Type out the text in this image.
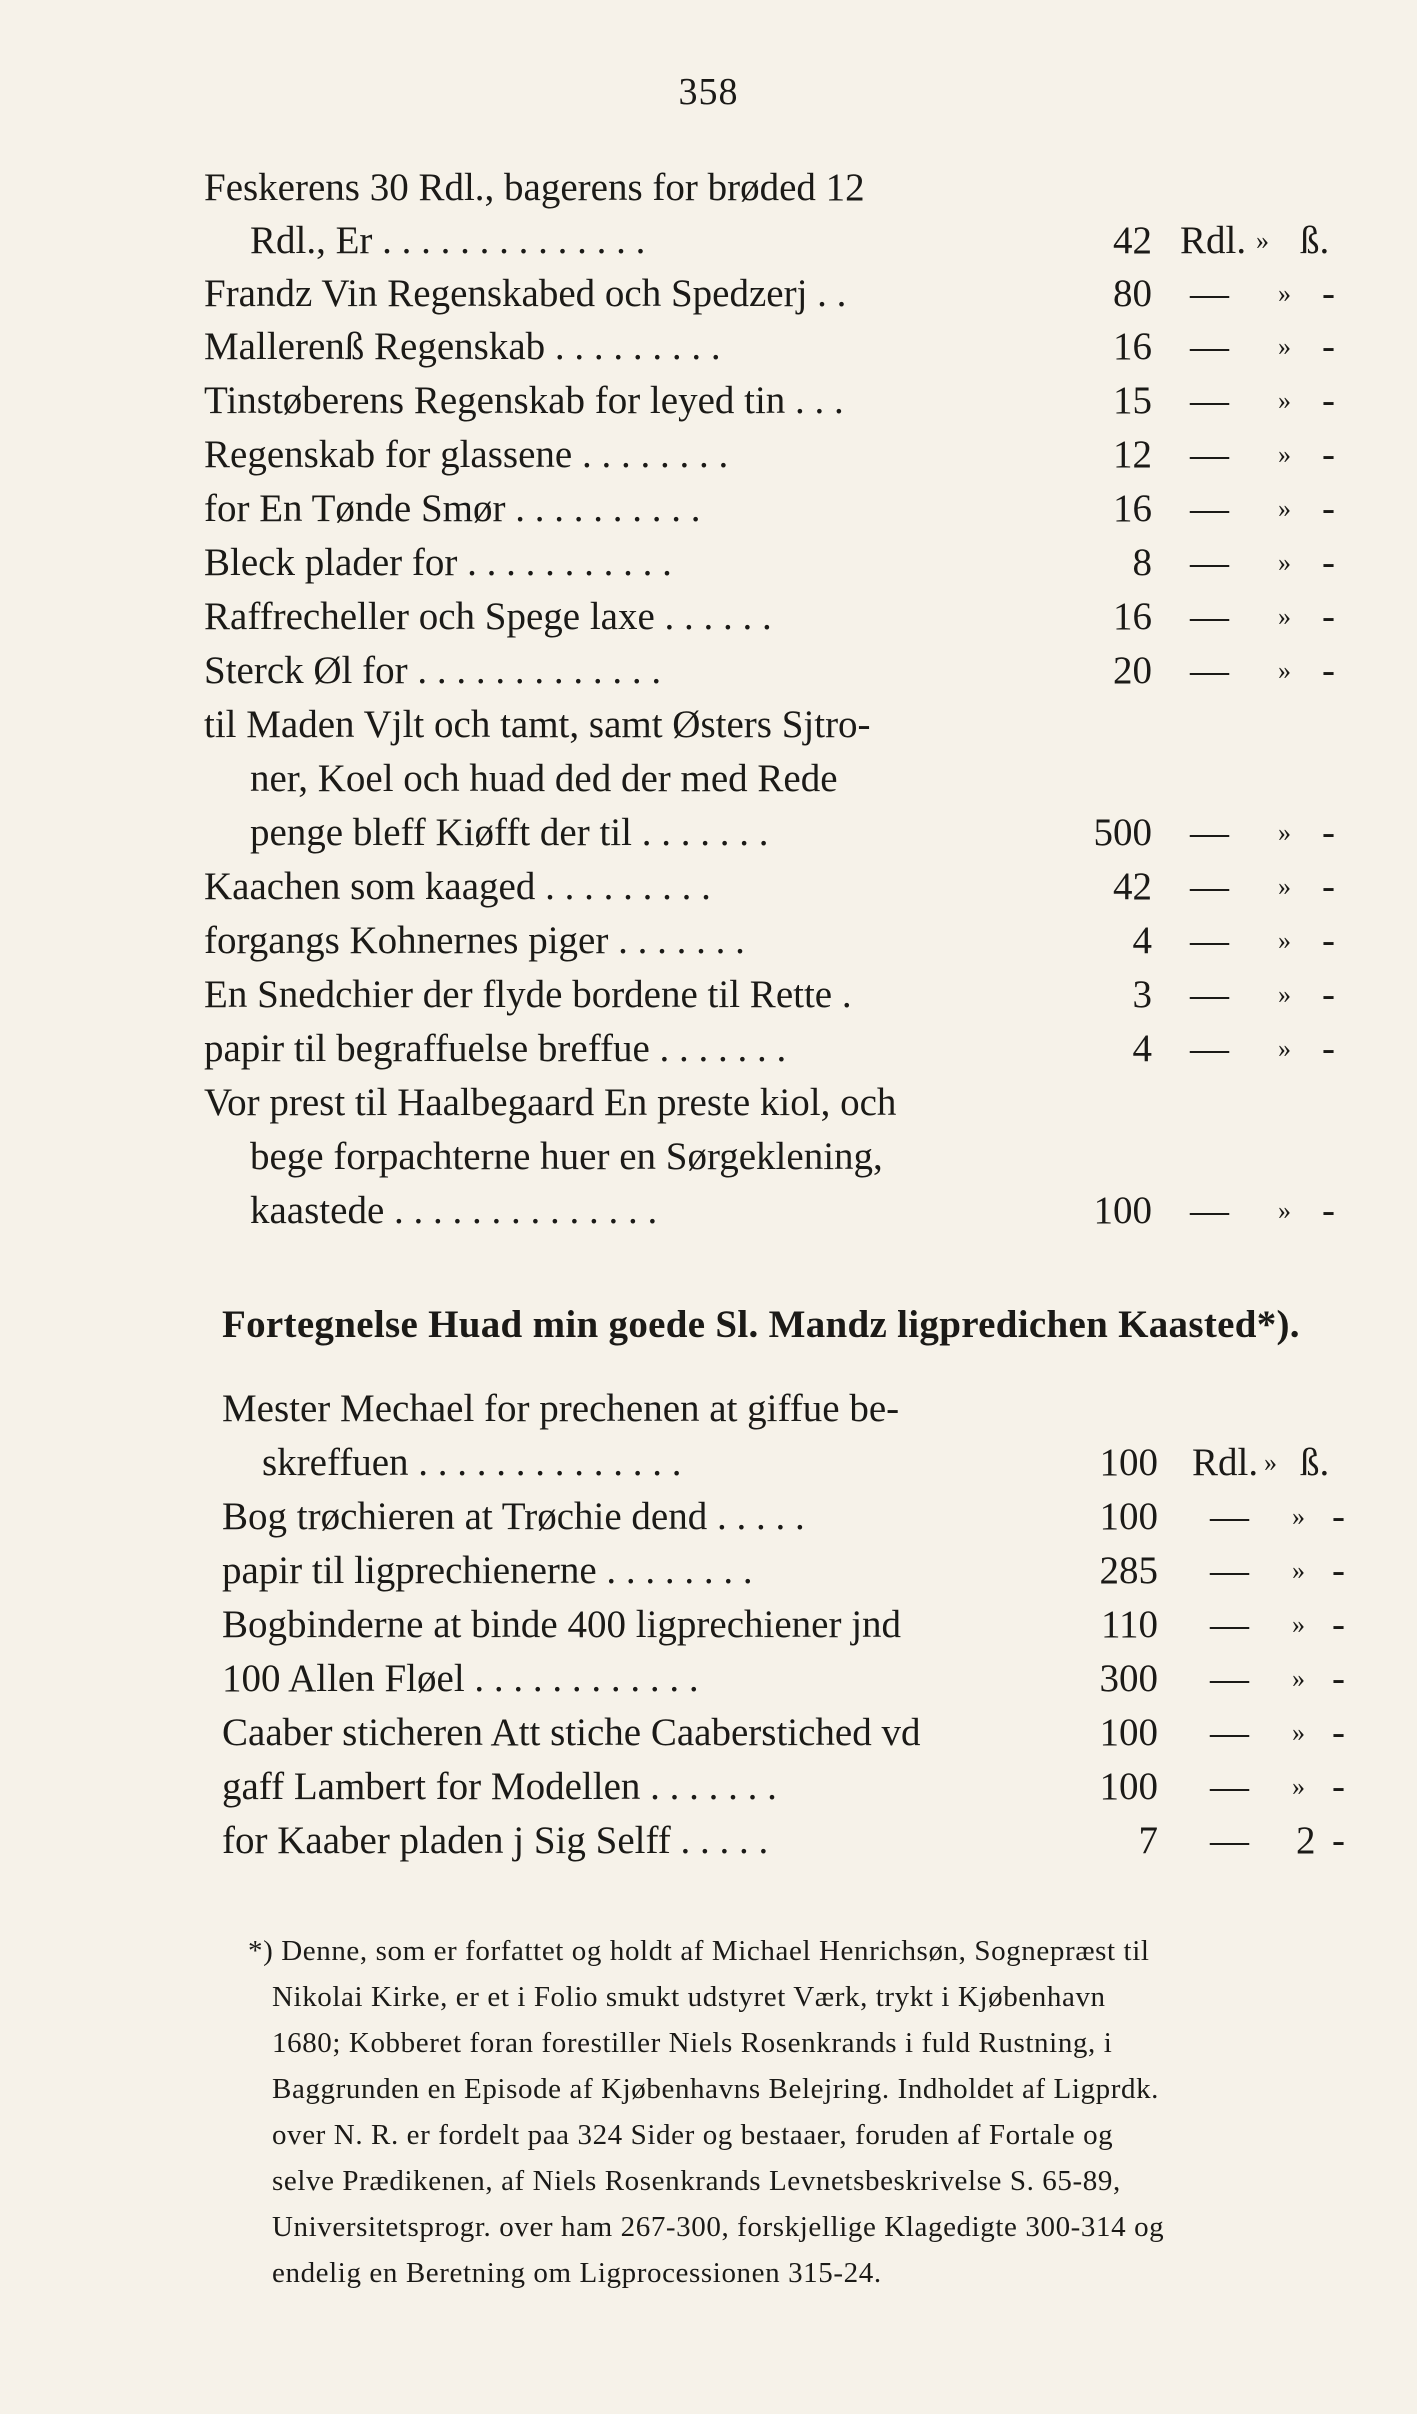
358
Feskerens 30 Rdl., bagerens for brøded 12
Rdl., Er . . . . . . . . . . . . . .	42 Rdl. » ß.
Frandz Vin Regenskabed och Spedzerj . .	80 — » -
Mallerenß Regenskab . . . . . . . . .	16 — » -
Tinstøberens Regenskab for leyed tin . . .	15 — » -
Regenskab for glassene . . . . . . . .	12 — » -
for En Tønde Smør . . . . . . . . . .	16 — » -
Bleck plader for . . . . . . . . . . .	8 — » -
Raffrecheller och Spege laxe . . . . . .	16 — » -
Sterck Øl for . . . . . . . . . . . . .	20 — » -
til Maden Vjlt och tamt, samt Østers Sjtro-
ner, Koel och huad ded der med Rede
penge bleff Kiøfft der til . . . . . . .	500 — » -
Kaachen som kaaged . . . . . . . . .	42 — » -
forgangs Kohnernes piger . . . . . . .	4 — » -
En Snedchier der flyde bordene til Rette .	3 — » -
papir til begraffuelse breffue . . . . . . .	4 — » -
Vor prest til Haalbegaard En preste kiol, och
bege forpachterne huer en Sørgeklening,
kaastede . . . . . . . . . . . . . .	100 — » -
Fortegnelse Huad min goede Sl. Mandz ligpredichen Kaasted*).
Mester Mechael for prechenen at giffue be-
skreffuen . . . . . . . . . . . . . .	100 Rdl. » ß.
Bog trøchieren at Trøchie dend . . . . .	100 — » -
papir til ligprechienerne . . . . . . . .	285 — » -
Bogbinderne at binde 400 ligprechiener jnd	110 — » -
100 Allen Fløel . . . . . . . . . . . .	300 — » -
Caaber sticheren Att stiche Caaberstiched vd	100 — » -
gaff Lambert for Modellen . . . . . . .	100 — » -
for Kaaber pladen j Sig Selff . . . . .	7 — 2 -
*) Denne, som er forfattet og holdt af Michael Henrichsøn, Sognepræst til
Nikolai Kirke, er et i Folio smukt udstyret Værk, trykt i Kjøbenhavn
1680; Kobberet foran forestiller Niels Rosenkrands i fuld Rustning, i
Baggrunden en Episode af Kjøbenhavns Belejring. Indholdet af Ligprdk.
over N. R. er fordelt paa 324 Sider og bestaaer, foruden af Fortale og
selve Prædikenen, af Niels Rosenkrands Levnetsbeskrivelse S. 65-89,
Universitetsprogr. over ham 267-300, forskjellige Klagedigte 300-314 og
endelig en Beretning om Ligprocessionen 315-24.
